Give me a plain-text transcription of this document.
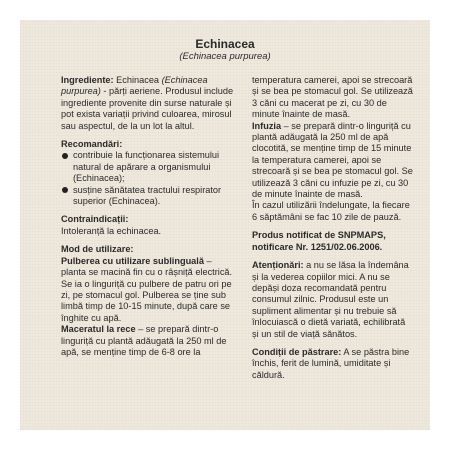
Echinacea

(Echinacea purpurea)

Ingrediente: Echinacea (Echinacea purpurea) - părți aeriene. Produsul include ingrediente provenite din surse naturale și pot exista variații privind culoarea, mirosul sau aspectul, de la un lot la altul.

Recomandări:

contribuie la funcționarea sistemului natural de apărare a organismului (Echinacea);
susține sănătatea tractului respirator superior (Echinacea).

Contraindicații:

Intoleranță la echinacea.

Mod de utilizare:

Pulberea cu utilizare sublinguală – planta se macină fin cu o râșniță electrică. Se ia o linguriță cu pulbere de patru ori pe zi, pe stomacul gol. Pulberea se ține sub limbă timp de 10-15 minute, după care se înghite cu apă.

Maceratul la rece – se prepară dintr-o linguriță cu plantă adăugată la 250 ml de apă, se menține timp de 6-8 ore la

temperatura camerei, apoi se strecoară și se bea pe stomacul gol. Se utilizează 3 căni cu macerat pe zi, cu 30 de minute înainte de masă.

Infuzia – se prepară dintr-o linguriță cu plantă adăugată la 250 ml de apă clocotită, se menține timp de 15 minute la temperatura camerei, apoi se strecoară și se bea pe stomacul gol. Se utilizează 3 căni cu infuzie pe zi, cu 30 de minute înainte de masă.

În cazul utilizării îndelungate, la fiecare 6 săptămâni se fac 10 zile de pauză.

Produs notificat de SNPMAPS, notificare Nr. 1251/02.06.2006.

Atenționări: a nu se lăsa la îndemâna și la vederea copiilor mici. A nu se depăși doza recomandată pentru consumul zilnic. Produsul este un supliment alimentar și nu trebuie să înlocuiască o dietă variată, echilibrată și un stil de viață sănătos.

Condiții de păstrare: A se păstra bine închis, ferit de lumină, umiditate și căldură.
